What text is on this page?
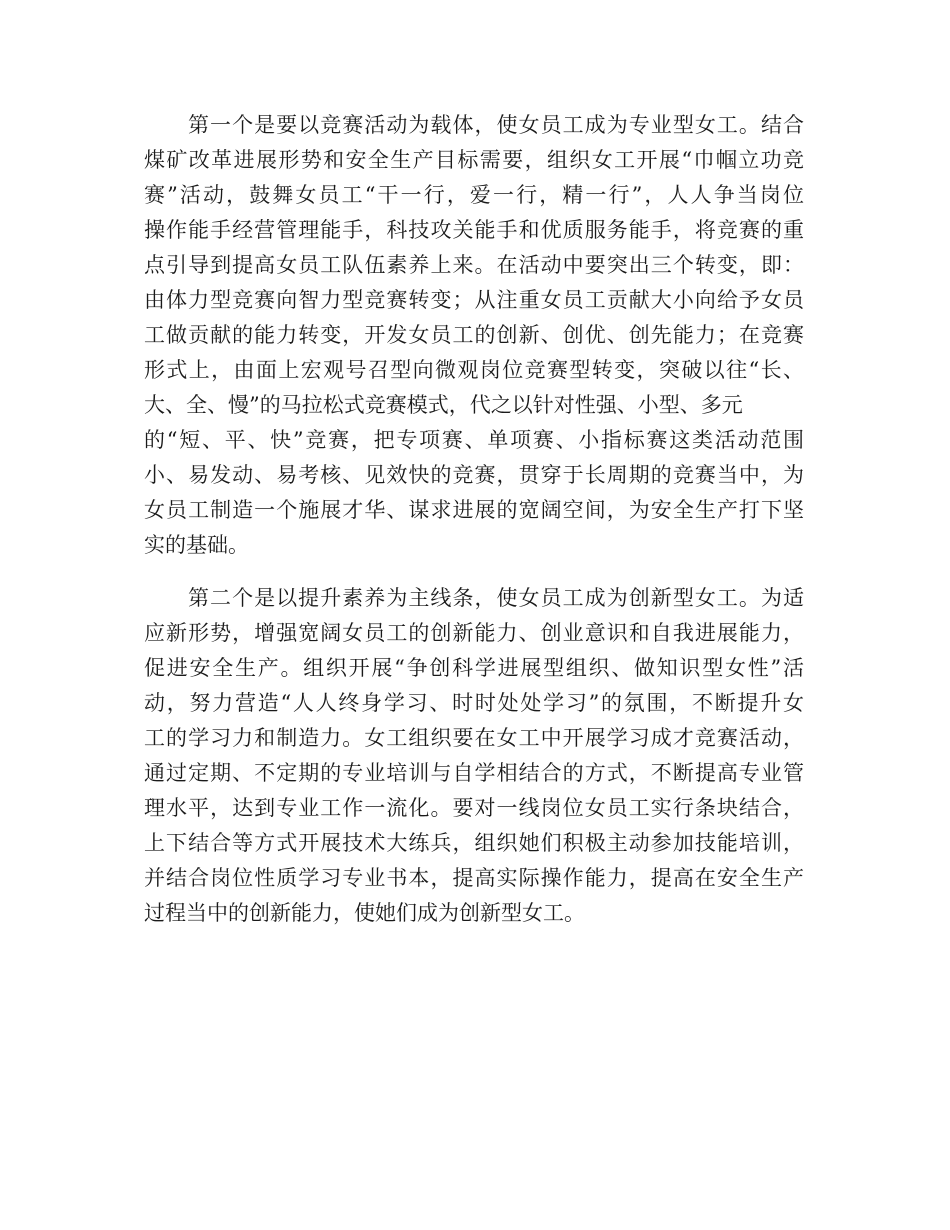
第一个是要以竞赛活动为载体，使女员工成为专业型女工。结合
煤矿改革进展形势和安全生产目标需要，组织女工开展“巾帼立功竞
赛”活动，鼓舞女员工“干一行，爱一行，精一行”，人人争当岗位
操作能手经营管理能手，科技攻关能手和优质服务能手，将竞赛的重
点引导到提高女员工队伍素养上来。在活动中要突出三个转变，即：
由体力型竞赛向智力型竞赛转变；从注重女员工贡献大小向给予女员
工做贡献的能力转变，开发女员工的创新、创优、创先能力；在竞赛
形式上，由面上宏观号召型向微观岗位竞赛型转变，突破以往“长、
大、全、慢”的马拉松式竞赛模式，代之以针对性强、小型、多元
的“短、平、快”竞赛，把专项赛、单项赛、小指标赛这类活动范围
小、易发动、易考核、见效快的竞赛，贯穿于长周期的竞赛当中，为
女员工制造一个施展才华、谋求进展的宽阔空间，为安全生产打下坚
实的基础。
第二个是以提升素养为主线条，使女员工成为创新型女工。为适
应新形势，增强宽阔女员工的创新能力、创业意识和自我进展能力，
促进安全生产。组织开展“争创科学进展型组织、做知识型女性”活
动，努力营造“人人终身学习、时时处处学习”的氛围，不断提升女
工的学习力和制造力。女工组织要在女工中开展学习成才竞赛活动，
通过定期、不定期的专业培训与自学相结合的方式，不断提高专业管
理水平，达到专业工作一流化。要对一线岗位女员工实行条块结合，
上下结合等方式开展技术大练兵，组织她们积极主动参加技能培训，
并结合岗位性质学习专业书本，提高实际操作能力，提高在安全生产
过程当中的创新能力，使她们成为创新型女工。
